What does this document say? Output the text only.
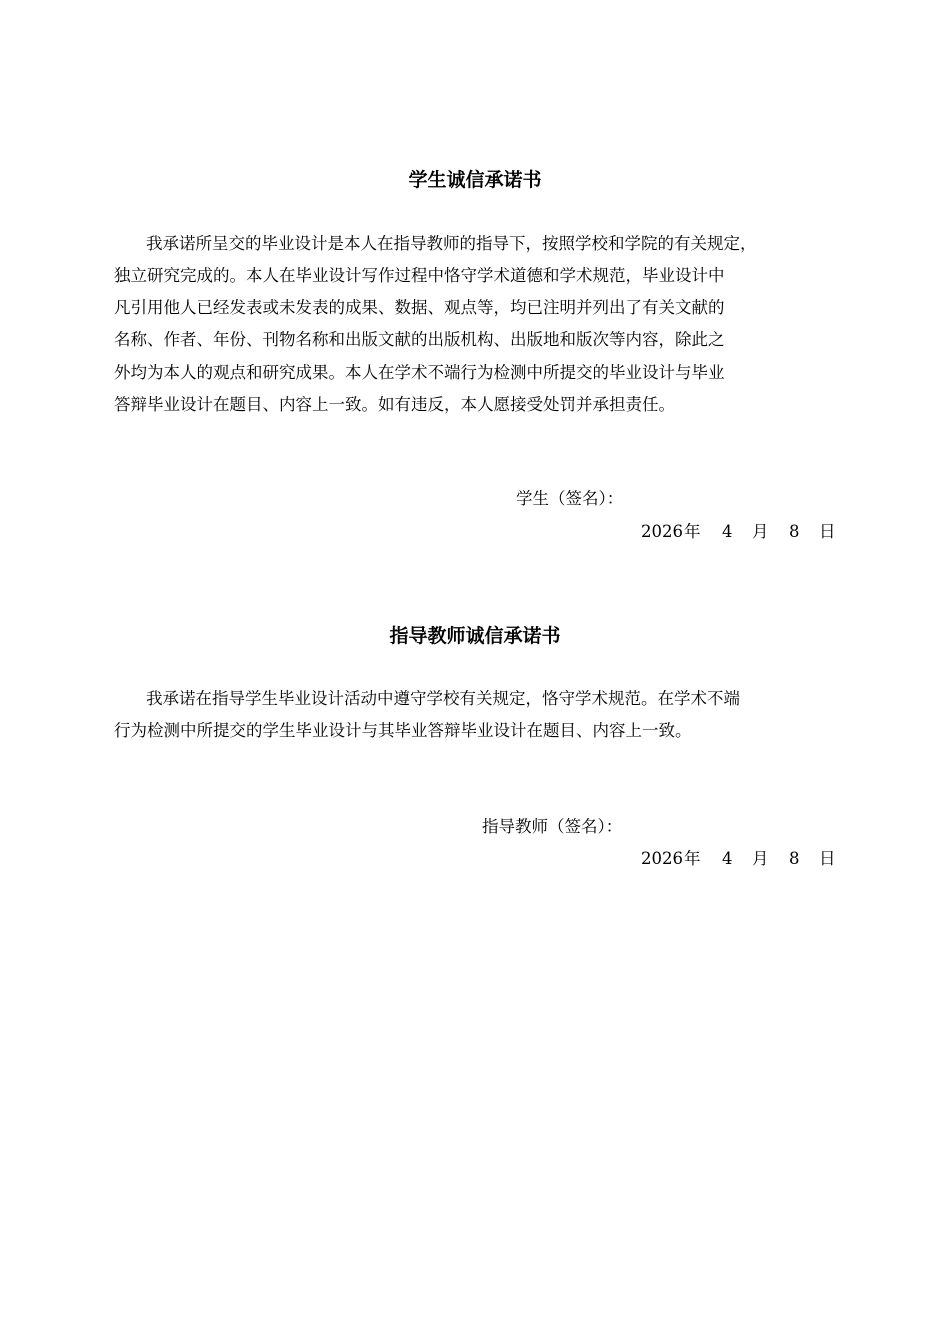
学生诚信承诺书
我承诺所呈交的毕业设计是本人在指导教师的指导下，按照学校和学院的有关规定，
独立研究完成的。本人在毕业设计写作过程中恪守学术道德和学术规范，毕业设计中
凡引用他人已经发表或未发表的成果、数据、观点等，均已注明并列出了有关文献的
名称、作者、年份、刊物名称和出版文献的出版机构、出版地和版次等内容，除此之
外均为本人的观点和研究成果。本人在学术不端行为检测中所提交的毕业设计与毕业
答辩毕业设计在题目、内容上一致。如有违反，本人愿接受处罚并承担责任。
学生（签名）：
2026 年 4 月 8 日
指导教师诚信承诺书
我承诺在指导学生毕业设计活动中遵守学校有关规定，恪守学术规范。在学术不端
行为检测中所提交的学生毕业设计与其毕业答辩毕业设计在题目、内容上一致。
指导教师（签名）：
2026 年 4 月 8 日
